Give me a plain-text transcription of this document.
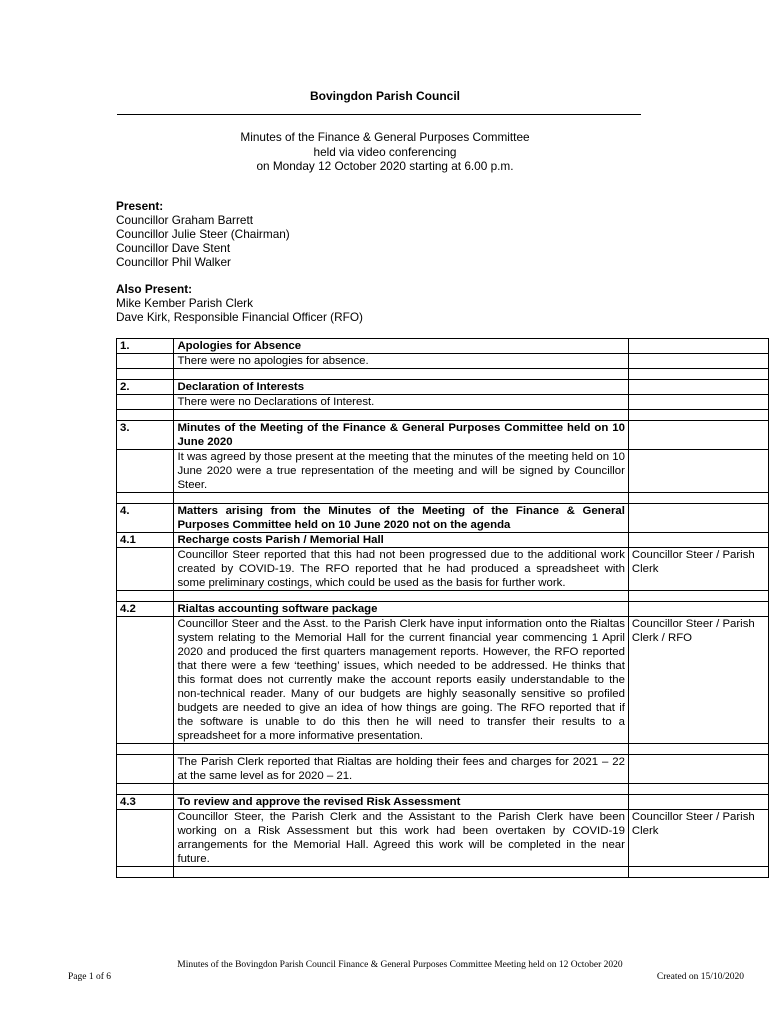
Bovingdon Parish Council
Minutes of the Finance & General Purposes Committee
held via video conferencing
on Monday 12 October 2020 starting at 6.00 p.m.
Present:
Councillor Graham Barrett
Councillor Julie Steer (Chairman)
Councillor Dave Stent
Councillor Phil Walker
Also Present:
Mike Kember Parish Clerk
Dave Kirk, Responsible Financial Officer (RFO)
1.	Apologies for Absence	
	There were no apologies for absence.	

2.	Declaration of Interests	
	There were no Declarations of Interest.	

3.	Minutes of the Meeting of the Finance & General Purposes Committee held on 10 June 2020	
	It was agreed by those present at the meeting that the minutes of the meeting held on 10 June 2020 were a true representation of the meeting and will be signed by Councillor Steer.	

4.	Matters arising from the Minutes of the Meeting of the Finance & General Purposes Committee held on 10 June 2020 not on the agenda	
4.1	Recharge costs Parish / Memorial Hall	
	Councillor Steer reported that this had not been progressed due to the additional work created by COVID-19. The RFO reported that he had produced a spreadsheet with some preliminary costings, which could be used as the basis for further work.	Councillor Steer / Parish Clerk

4.2	Rialtas accounting software package	
	Councillor Steer and the Asst. to the Parish Clerk have input information onto the Rialtas system relating to the Memorial Hall for the current financial year commencing 1 April 2020 and produced the first quarters management reports. However, the RFO reported that there were a few ‘teething’ issues, which needed to be addressed. He thinks that this format does not currently make the account reports easily understandable to the non-technical reader. Many of our budgets are highly seasonally sensitive so profiled budgets are needed to give an idea of how things are going. The RFO reported that if the software is unable to do this then he will need to transfer their results to a spreadsheet for a more informative presentation.	Councillor Steer / Parish Clerk / RFO

	The Parish Clerk reported that Rialtas are holding their fees and charges for 2021 – 22 at the same level as for 2020 – 21.	

4.3	To review and approve the revised Risk Assessment	
	Councillor Steer, the Parish Clerk and the Assistant to the Parish Clerk have been working on a Risk Assessment but this work had been overtaken by COVID-19 arrangements for the Memorial Hall. Agreed this work will be completed in the near future.	Councillor Steer / Parish Clerk

Minutes of the Bovingdon Parish Council Finance & General Purposes Committee Meeting held on 12 October 2020
Page 1 of 6	Created on 15/10/2020
